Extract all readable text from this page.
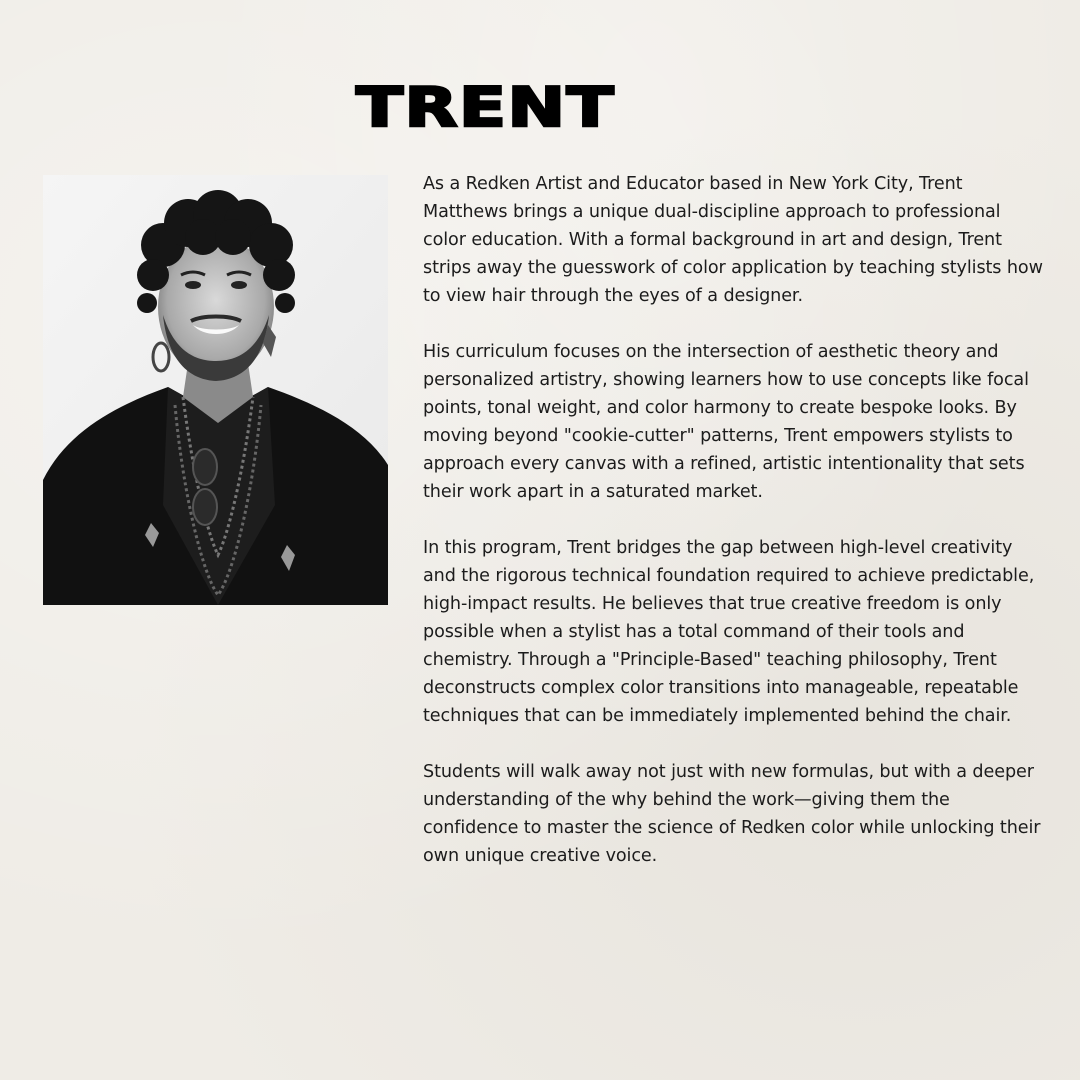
TRENT

As a Redken Artist and Educator based in New York City, Trent Matthews brings a unique dual-discipline approach to professional color education. With a formal background in art and design, Trent strips away the guesswork of color application by teaching stylists how to view hair through the eyes of a designer.

His curriculum focuses on the intersection of aesthetic theory and personalized artistry, showing learners how to use concepts like focal points, tonal weight, and color harmony to create bespoke looks. By moving beyond "cookie-cutter" patterns, Trent empowers stylists to approach every canvas with a refined, artistic intentionality that sets their work apart in a saturated market.

In this program, Trent bridges the gap between high-level creativity and the rigorous technical foundation required to achieve predictable, high-impact results. He believes that true creative freedom is only possible when a stylist has a total command of their tools and chemistry. Through a "Principle-Based" teaching philosophy, Trent deconstructs complex color transitions into manageable, repeatable techniques that can be immediately implemented behind the chair.

Students will walk away not just with new formulas, but with a deeper understanding of the why behind the work—giving them the confidence to master the science of Redken color while unlocking their own unique creative voice.
